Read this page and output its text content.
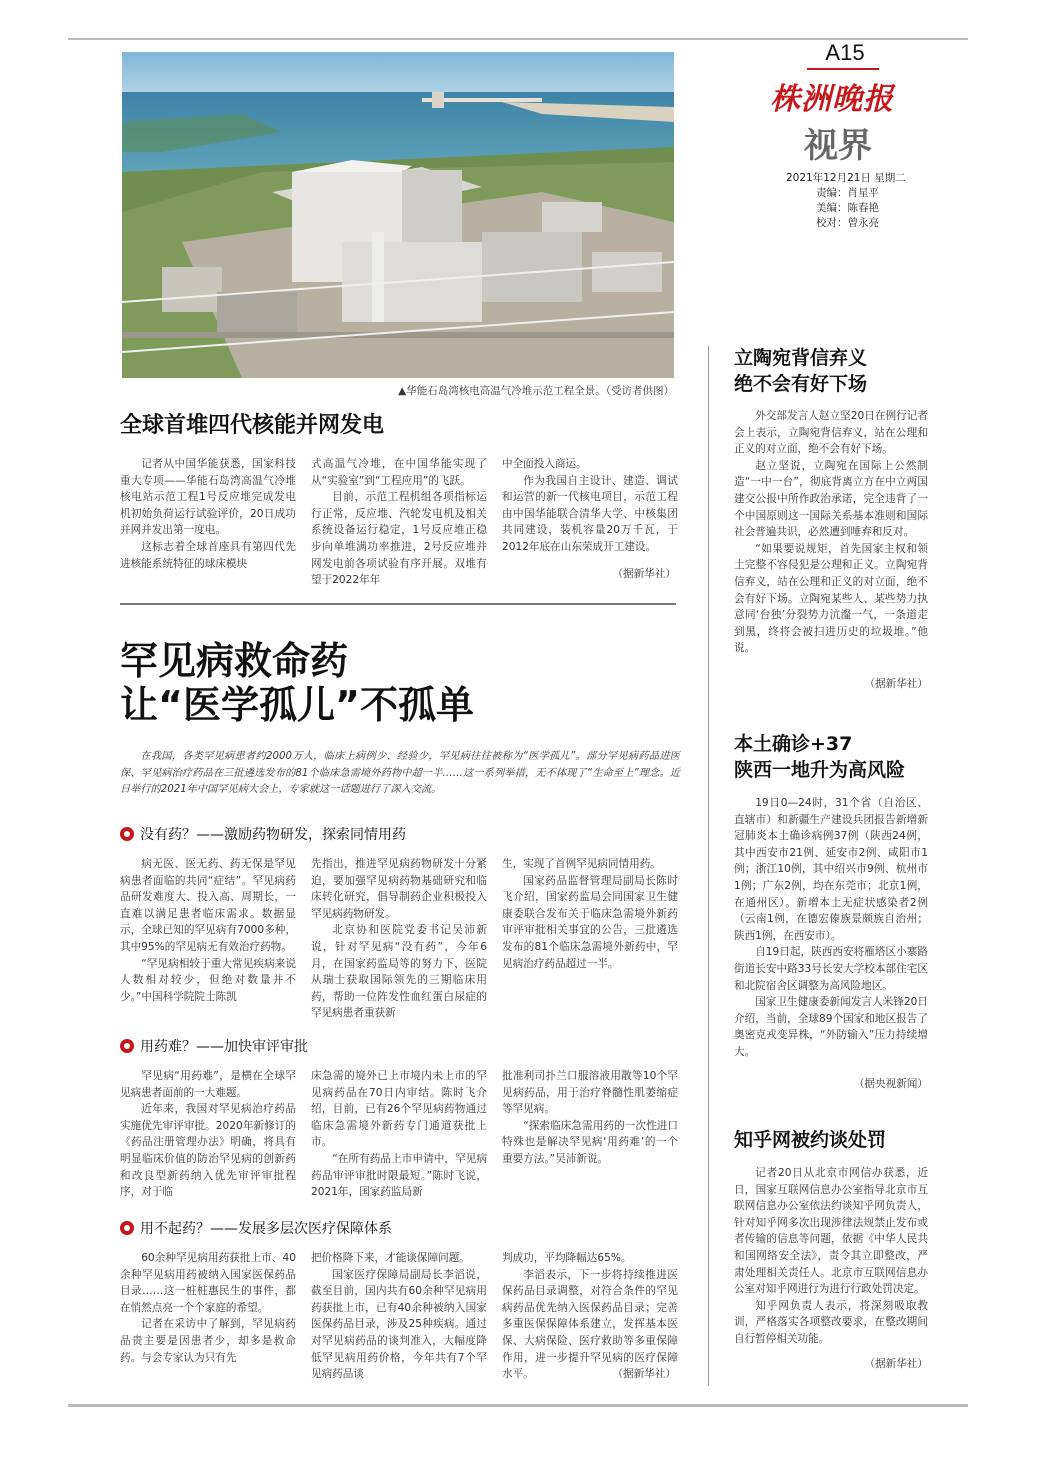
A15
株洲晚报
视界
2021年12月21日 星期二
责编：肖星平
美编：陈春艳
校对：曾永亮
▲华能石岛湾核电高温气冷堆示范工程全景。（受访者供图）
全球首堆四代核能并网发电

记者从中国华能获悉，国家科技重大专项——华能石岛湾高温气冷堆核电站示范工程1号反应堆完成发电机初始负荷运行试验评价，20日成功并网并发出第一度电。

这标志着全球首座具有第四代先进核能系统特征的球床模块

式高温气冷堆，在中国华能实现了从“实验室”到“工程应用”的飞跃。

目前，示范工程机组各项指标运行正常，反应堆、汽轮发电机及相关系统设备运行稳定，1号反应堆正稳步向单堆满功率推进，2号反应堆并网发电前各项试验有序开展。双堆有望于2022年年

中全面投入商运。

作为我国自主设计、建造、调试和运营的新一代核电项目，示范工程由中国华能联合清华大学、中核集团共同建设，装机容量20万千瓦，于2012年底在山东荣成开工建设。

（据新华社）
罕见病救命药
让“医学孤儿”不孤单

在我国，各类罕见病患者约2000万人，临床上病例少、经验少，罕见病往往被称为“医学孤儿”。部分罕见病药品进医保、罕见病治疗药品在三批遴选发布的81个临床急需境外药物中超一半……这一系列举措，无不体现了“生命至上”理念。近日举行的2021年中国罕见病大会上，专家就这一话题进行了深入交流。

没有药？——激励药物研发，探索同情用药

病无医、医无药、药无保是罕见病患者面临的共同“症结”。罕见病药品研发难度大、投入高、周期长，一直难以满足患者临床需求。数据显示，全球已知的罕见病有7000多种，其中95%的罕见病无有效治疗药物。

“罕见病相较于重大常见疾病来说人数相对较少，但绝对数量并不少。”中国科学院院士陈凯

先指出，推进罕见病药物研发十分紧迫，要加强罕见病药物基础研究和临床转化研究，倡导制药企业积极投入罕见病药物研发。

北京协和医院党委书记吴沛新说，针对罕见病“没有药”，今年6月，在国家药监局等的努力下，医院从瑞士获取国际领先的三期临床用药，帮助一位阵发性血红蛋白尿症的罕见病患者重获新

生，实现了首例罕见病同情用药。

国家药品监督管理局副局长陈时飞介绍，国家药监局会同国家卫生健康委联合发布关于临床急需境外新药审评审批相关事宜的公告，三批遴选发布的81个临床急需境外新药中，罕见病治疗药品超过一半。

用药难？——加快审评审批

罕见病“用药难”，是横在全球罕见病患者面前的一大难题。

近年来，我国对罕见病治疗药品实施优先审评审批。2020年新修订的《药品注册管理办法》明确，将具有明显临床价值的防治罕见病的创新药和改良型新药纳入优先审评审批程序，对于临

床急需的境外已上市境内未上市的罕见病药品在70日内审结。陈时飞介绍，目前，已有26个罕见病药物通过临床急需境外新药专门通道获批上市。

“在所有药品上市申请中，罕见病药品审评审批时限最短。”陈时飞说，2021年，国家药监局新

批准利司扑兰口服溶液用散等10个罕见病药品，用于治疗脊髓性肌萎缩症等罕见病。

“探索临床急需用药的一次性进口特殊也是解决罕见病‘用药难’的一个重要方法。”吴沛新说。

用不起药？——发展多层次医疗保障体系

60余种罕见病用药获批上市、40余种罕见病用药被纳入国家医保药品目录……这一桩桩惠民生的事件，都在悄然点亮一个个家庭的希望。

记者在采访中了解到，罕见病药品贵主要是因患者少，却多是救命药。与会专家认为只有先

把价格降下来，才能谈保障问题。

国家医疗保障局副局长李滔说，截至目前，国内共有60余种罕见病用药获批上市，已有40余种被纳入国家医保药品目录，涉及25种疾病。通过对罕见病药品的谈判准入，大幅度降低罕见病用药价格，今年共有7个罕见病药品谈

判成功，平均降幅达65%。

李滔表示，下一步将持续推进医保药品目录调整，对符合条件的罕见病药品优先纳入医保药品目录；完善多重医保保障体系建立，发挥基本医保、大病保险、医疗救助等多重保障作用，进一步提升罕见病的医疗保障水平。	（据新华社）
立陶宛背信弃义
绝不会有好下场

外交部发言人赵立坚20日在例行记者会上表示，立陶宛背信弃义，站在公理和正义的对立面，绝不会有好下场。

赵立坚说，立陶宛在国际上公然制造“一中一台”，彻底背离立方在中立两国建交公报中所作政治承诺，完全违背了一个中国原则这一国际关系基本准则和国际社会普遍共识，必然遭到唾弃和反对。

“如果要说规矩，首先国家主权和领土完整不容侵犯是公理和正义。立陶宛背信弃义，站在公理和正义的对立面，绝不会有好下场。立陶宛某些人、某些势力执意同‘台独’分裂势力沆瀣一气，一条道走到黑，终将会被扫进历史的垃圾堆。”他说。

（据新华社）
本土确诊+37
陕西一地升为高风险

19日0—24时，31个省（自治区、直辖市）和新疆生产建设兵团报告新增新冠肺炎本土确诊病例37例（陕西24例，其中西安市21例、延安市2例、咸阳市1例；浙江10例，其中绍兴市9例、杭州市1例；广东2例，均在东莞市；北京1例，在通州区）。新增本土无症状感染者2例（云南1例，在德宏傣族景颇族自治州；陕西1例，在西安市）。

自19日起，陕西西安将雁塔区小寨路街道长安中路33号长安大学校本部住宅区和北院宿舍区调整为高风险地区。

国家卫生健康委新闻发言人米锋20日介绍，当前，全球89个国家和地区报告了奥密克戎变异株，“外防输入”压力持续增大。

（据央视新闻）
知乎网被约谈处罚

记者20日从北京市网信办获悉，近日，国家互联网信息办公室指导北京市互联网信息办公室依法约谈知乎网负责人，针对知乎网多次出现涉律法规禁止发布或者传输的信息等问题，依据《中华人民共和国网络安全法》，责令其立即整改，严肃处理相关责任人。北京市互联网信息办公室对知乎网进行为进行行政处罚决定。

知乎网负责人表示，将深刻吸取教训，严格落实各项整改要求，在整改期间自行暂停相关功能。

（据新华社）
